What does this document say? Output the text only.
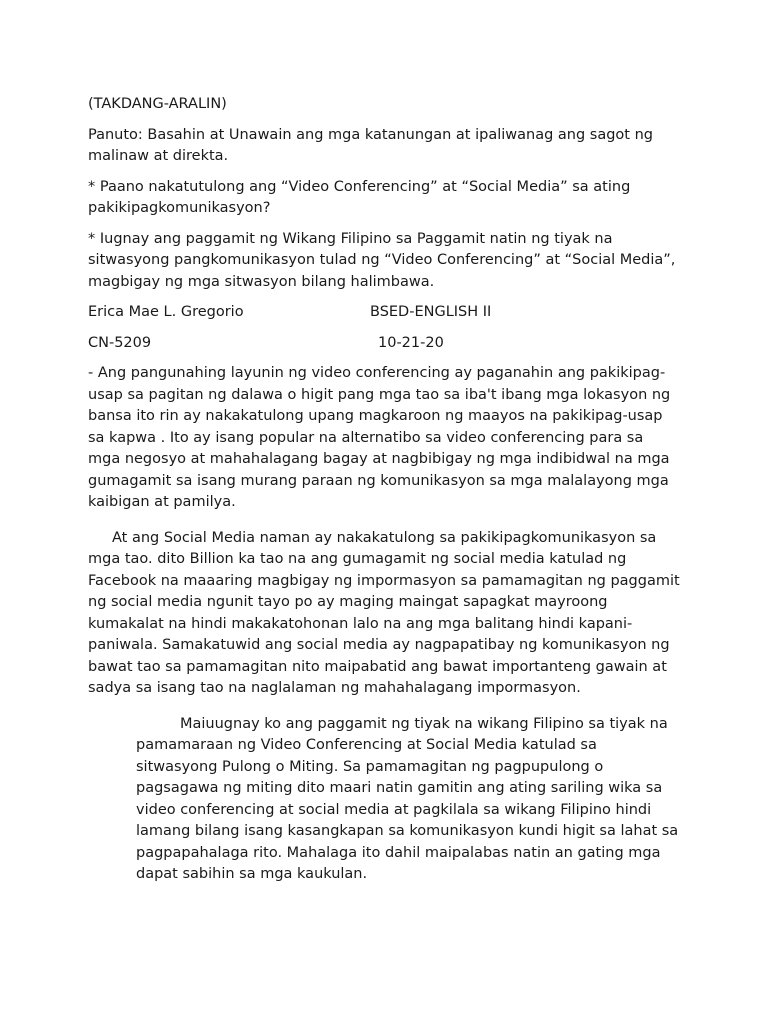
(TAKDANG-ARALIN)

Panuto: Basahin at Unawain ang mga katanungan at ipaliwanag ang sagot ng malinaw at direkta.

* Paano nakatutulong ang “Video Conferencing” at “Social Media” sa ating pakikipagkomunikasyon?

* Iugnay ang paggamit ng Wikang Filipino sa Paggamit natin ng tiyak na sitwasyong pangkomunikasyon tulad ng “Video Conferencing” at “Social Media”, magbigay ng mga sitwasyon bilang halimbawa.

Erica Mae L. Gregorio	BSED-ENGLISH II
CN-5209	10-21-20

- Ang pangunahing layunin ng video conferencing ay paganahin ang pakikipag-usap sa pagitan ng dalawa o higit pang mga tao sa iba't ibang mga lokasyon ng bansa ito rin ay nakakatulong upang magkaroon ng maayos na pakikipag-usap sa kapwa . Ito ay isang popular na alternatibo sa video conferencing para sa mga negosyo at mahahalagang bagay at nagbibigay ng mga indibidwal na mga gumagamit sa isang murang paraan ng komunikasyon sa mga malalayong mga kaibigan at pamilya.

At ang Social Media naman ay nakakatulong sa pakikipagkomunikasyon sa mga tao. dito Billion ka tao na ang gumagamit ng social media katulad ng Facebook na maaaring magbigay ng impormasyon sa pamamagitan ng paggamit ng social media ngunit tayo po ay maging maingat sapagkat mayroong kumakalat na hindi makakatohonan lalo na ang mga balitang hindi kapani-paniwala. Samakatuwid ang social media ay nagpapatibay ng komunikasyon ng bawat tao sa pamamagitan nito maipabatid ang bawat importanteng gawain at sadya sa isang tao na naglalaman ng mahahalagang impormasyon.

Maiuugnay ko ang paggamit ng tiyak na wikang Filipino sa tiyak na pamamaraan ng Video Conferencing at Social Media katulad sa sitwasyong Pulong o Miting. Sa pamamagitan ng pagpupulong o pagsagawa ng miting dito maari natin gamitin ang ating sariling wika sa video conferencing at social media at pagkilala sa wikang Filipino hindi lamang bilang isang kasangkapan sa komunikasyon kundi higit sa lahat sa pagpapahalaga rito. Mahalaga ito dahil maipalabas natin an gating mga dapat sabihin sa mga kaukulan.
